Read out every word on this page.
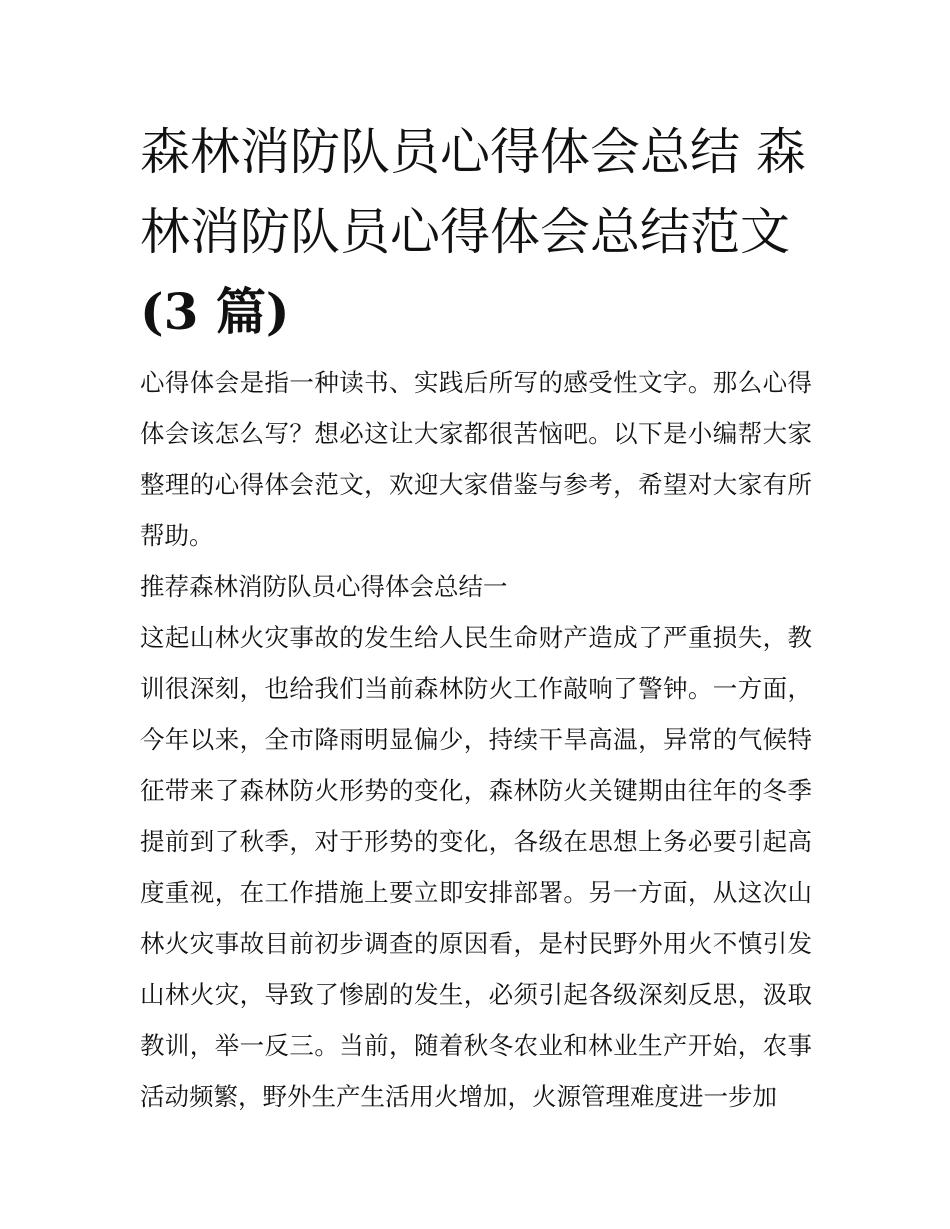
森林消防队员心得体会总结 森
林消防队员心得体会总结范文
(3 篇)
心得体会是指一种读书、实践后所写的感受性文字。那么心得
体会该怎么写？想必这让大家都很苦恼吧。以下是小编帮大家
整理的心得体会范文，欢迎大家借鉴与参考，希望对大家有所
帮助。
推荐森林消防队员心得体会总结一
这起山林火灾事故的发生给人民生命财产造成了严重损失，教
训很深刻，也给我们当前森林防火工作敲响了警钟。一方面，
今年以来，全市降雨明显偏少，持续干旱高温，异常的气候特
征带来了森林防火形势的变化，森林防火关键期由往年的冬季
提前到了秋季，对于形势的变化，各级在思想上务必要引起高
度重视，在工作措施上要立即安排部署。另一方面，从这次山
林火灾事故目前初步调查的原因看，是村民野外用火不慎引发
山林火灾，导致了惨剧的发生，必须引起各级深刻反思，汲取
教训，举一反三。当前，随着秋冬农业和林业生产开始，农事
活动频繁，野外生产生活用火增加，火源管理难度进一步加
